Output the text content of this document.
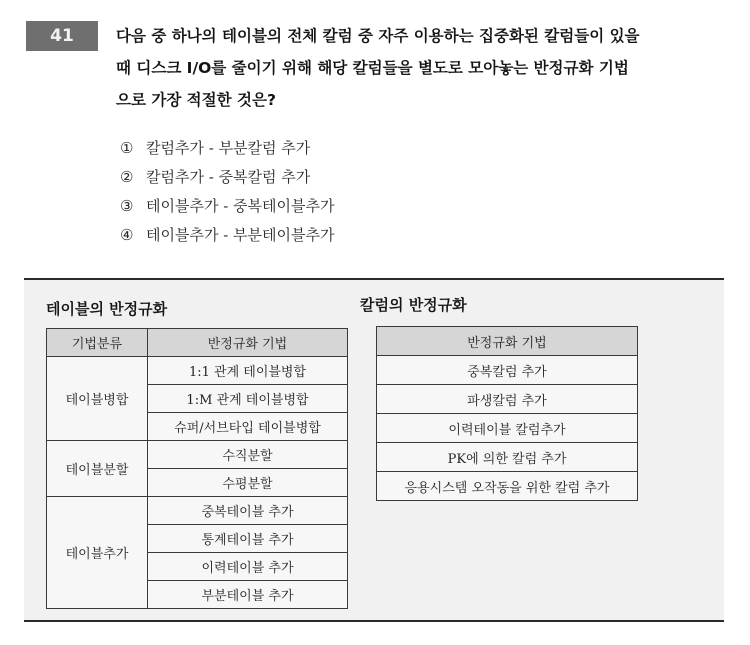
41	다음 중 하나의 테이블의 전체 칼럼 중 자주 이용하는 집중화된 칼럼들이 있을
때 디스크 I/O를 줄이기 위해 해당 칼럼들을 별도로 모아놓는 반정규화 기법
으로 가장 적절한 것은?
① 칼럼추가 - 부분칼럼 추가
② 칼럼추가 - 중복칼럼 추가
③ 테이블추가 - 중복테이블추가
④ 테이블추가 - 부분테이블추가
테이블의 반정규화	칼럼의 반정규화
기법분류	반정규화 기법
테이블병합	1:1 관계 테이블병합
	1:M 관계 테이블병합
	슈퍼/서브타입 테이블병합
테이블분할	수직분할
	수평분할
테이블추가	중복테이블 추가
	통계테이블 추가
	이력테이블 추가
	부분테이블 추가
반정규화 기법
중복칼럼 추가
파생칼럼 추가
이력테이블 칼럼추가
PK에 의한 칼럼 추가
응용시스템 오작동을 위한 칼럼 추가
